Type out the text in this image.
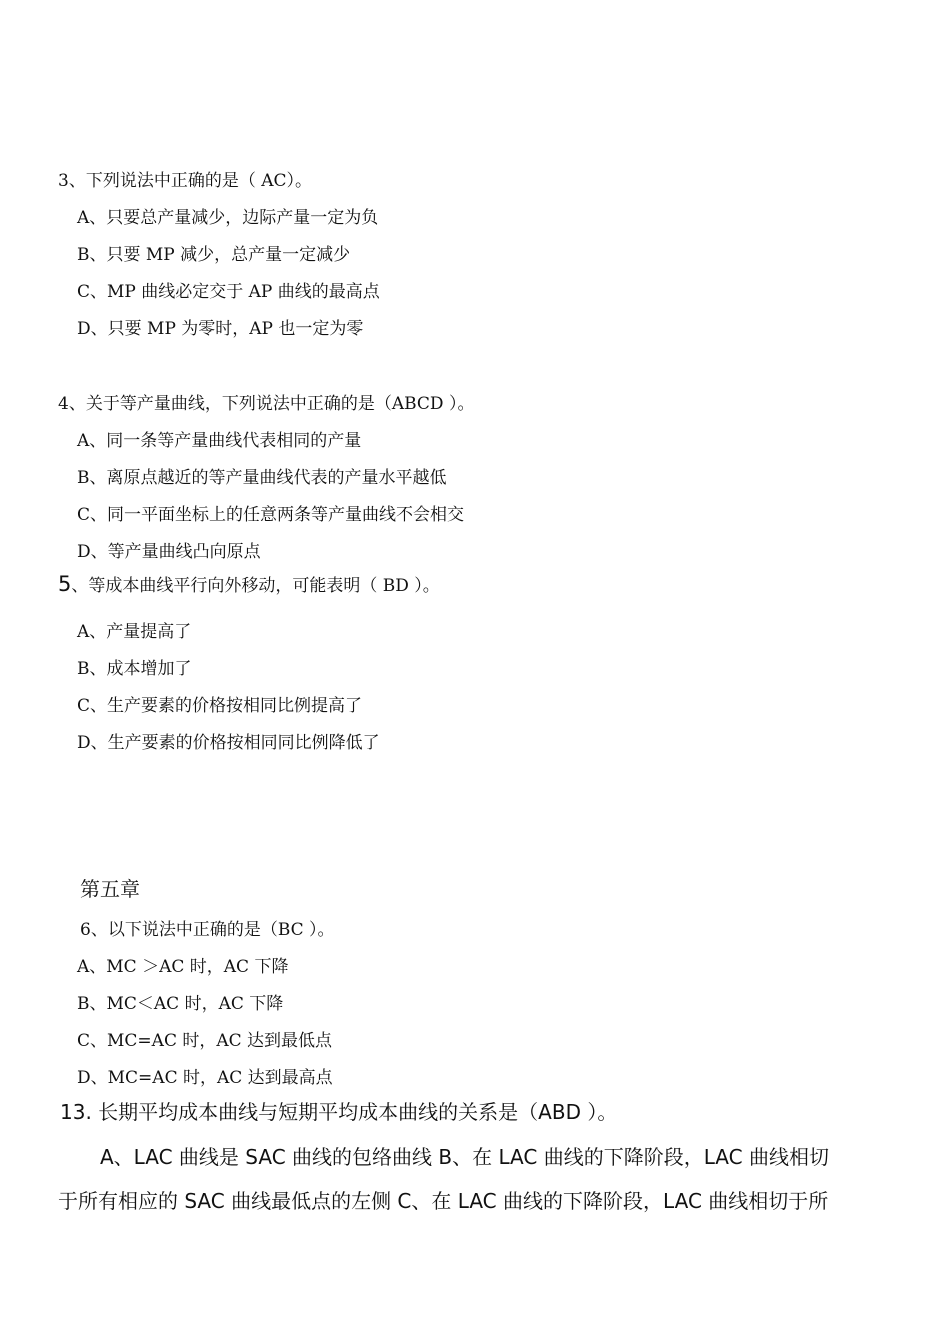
3、下列说法中正确的是（ AC）。
A、只要总产量减少，边际产量一定为负
B、只要 MP 减少，总产量一定减少
C、MP 曲线必定交于 AP 曲线的最高点
D、只要 MP 为零时，AP 也一定为零
4、关于等产量曲线，下列说法中正确的是（ABCD ）。
A、同一条等产量曲线代表相同的产量
B、离原点越近的等产量曲线代表的产量水平越低
C、同一平面坐标上的任意两条等产量曲线不会相交
D、等产量曲线凸向原点
5、等成本曲线平行向外移动，可能表明（ BD ）。
A、产量提高了
B、成本增加了
C、生产要素的价格按相同比例提高了
D、生产要素的价格按相同同比例降低了
第五章
6、以下说法中正确的是（BC ）。
A、MC ＞AC 时，AC 下降
B、MC＜AC 时，AC 下降
C、MC=AC 时，AC 达到最低点
D、MC=AC 时，AC 达到最高点
13. 长期平均成本曲线与短期平均成本曲线的关系是（ABD ）。
A、LAC 曲线是 SAC 曲线的包络曲线 B、在 LAC 曲线的下降阶段，LAC 曲线相切
于所有相应的 SAC 曲线最低点的左侧 C、在 LAC 曲线的下降阶段，LAC 曲线相切于所
